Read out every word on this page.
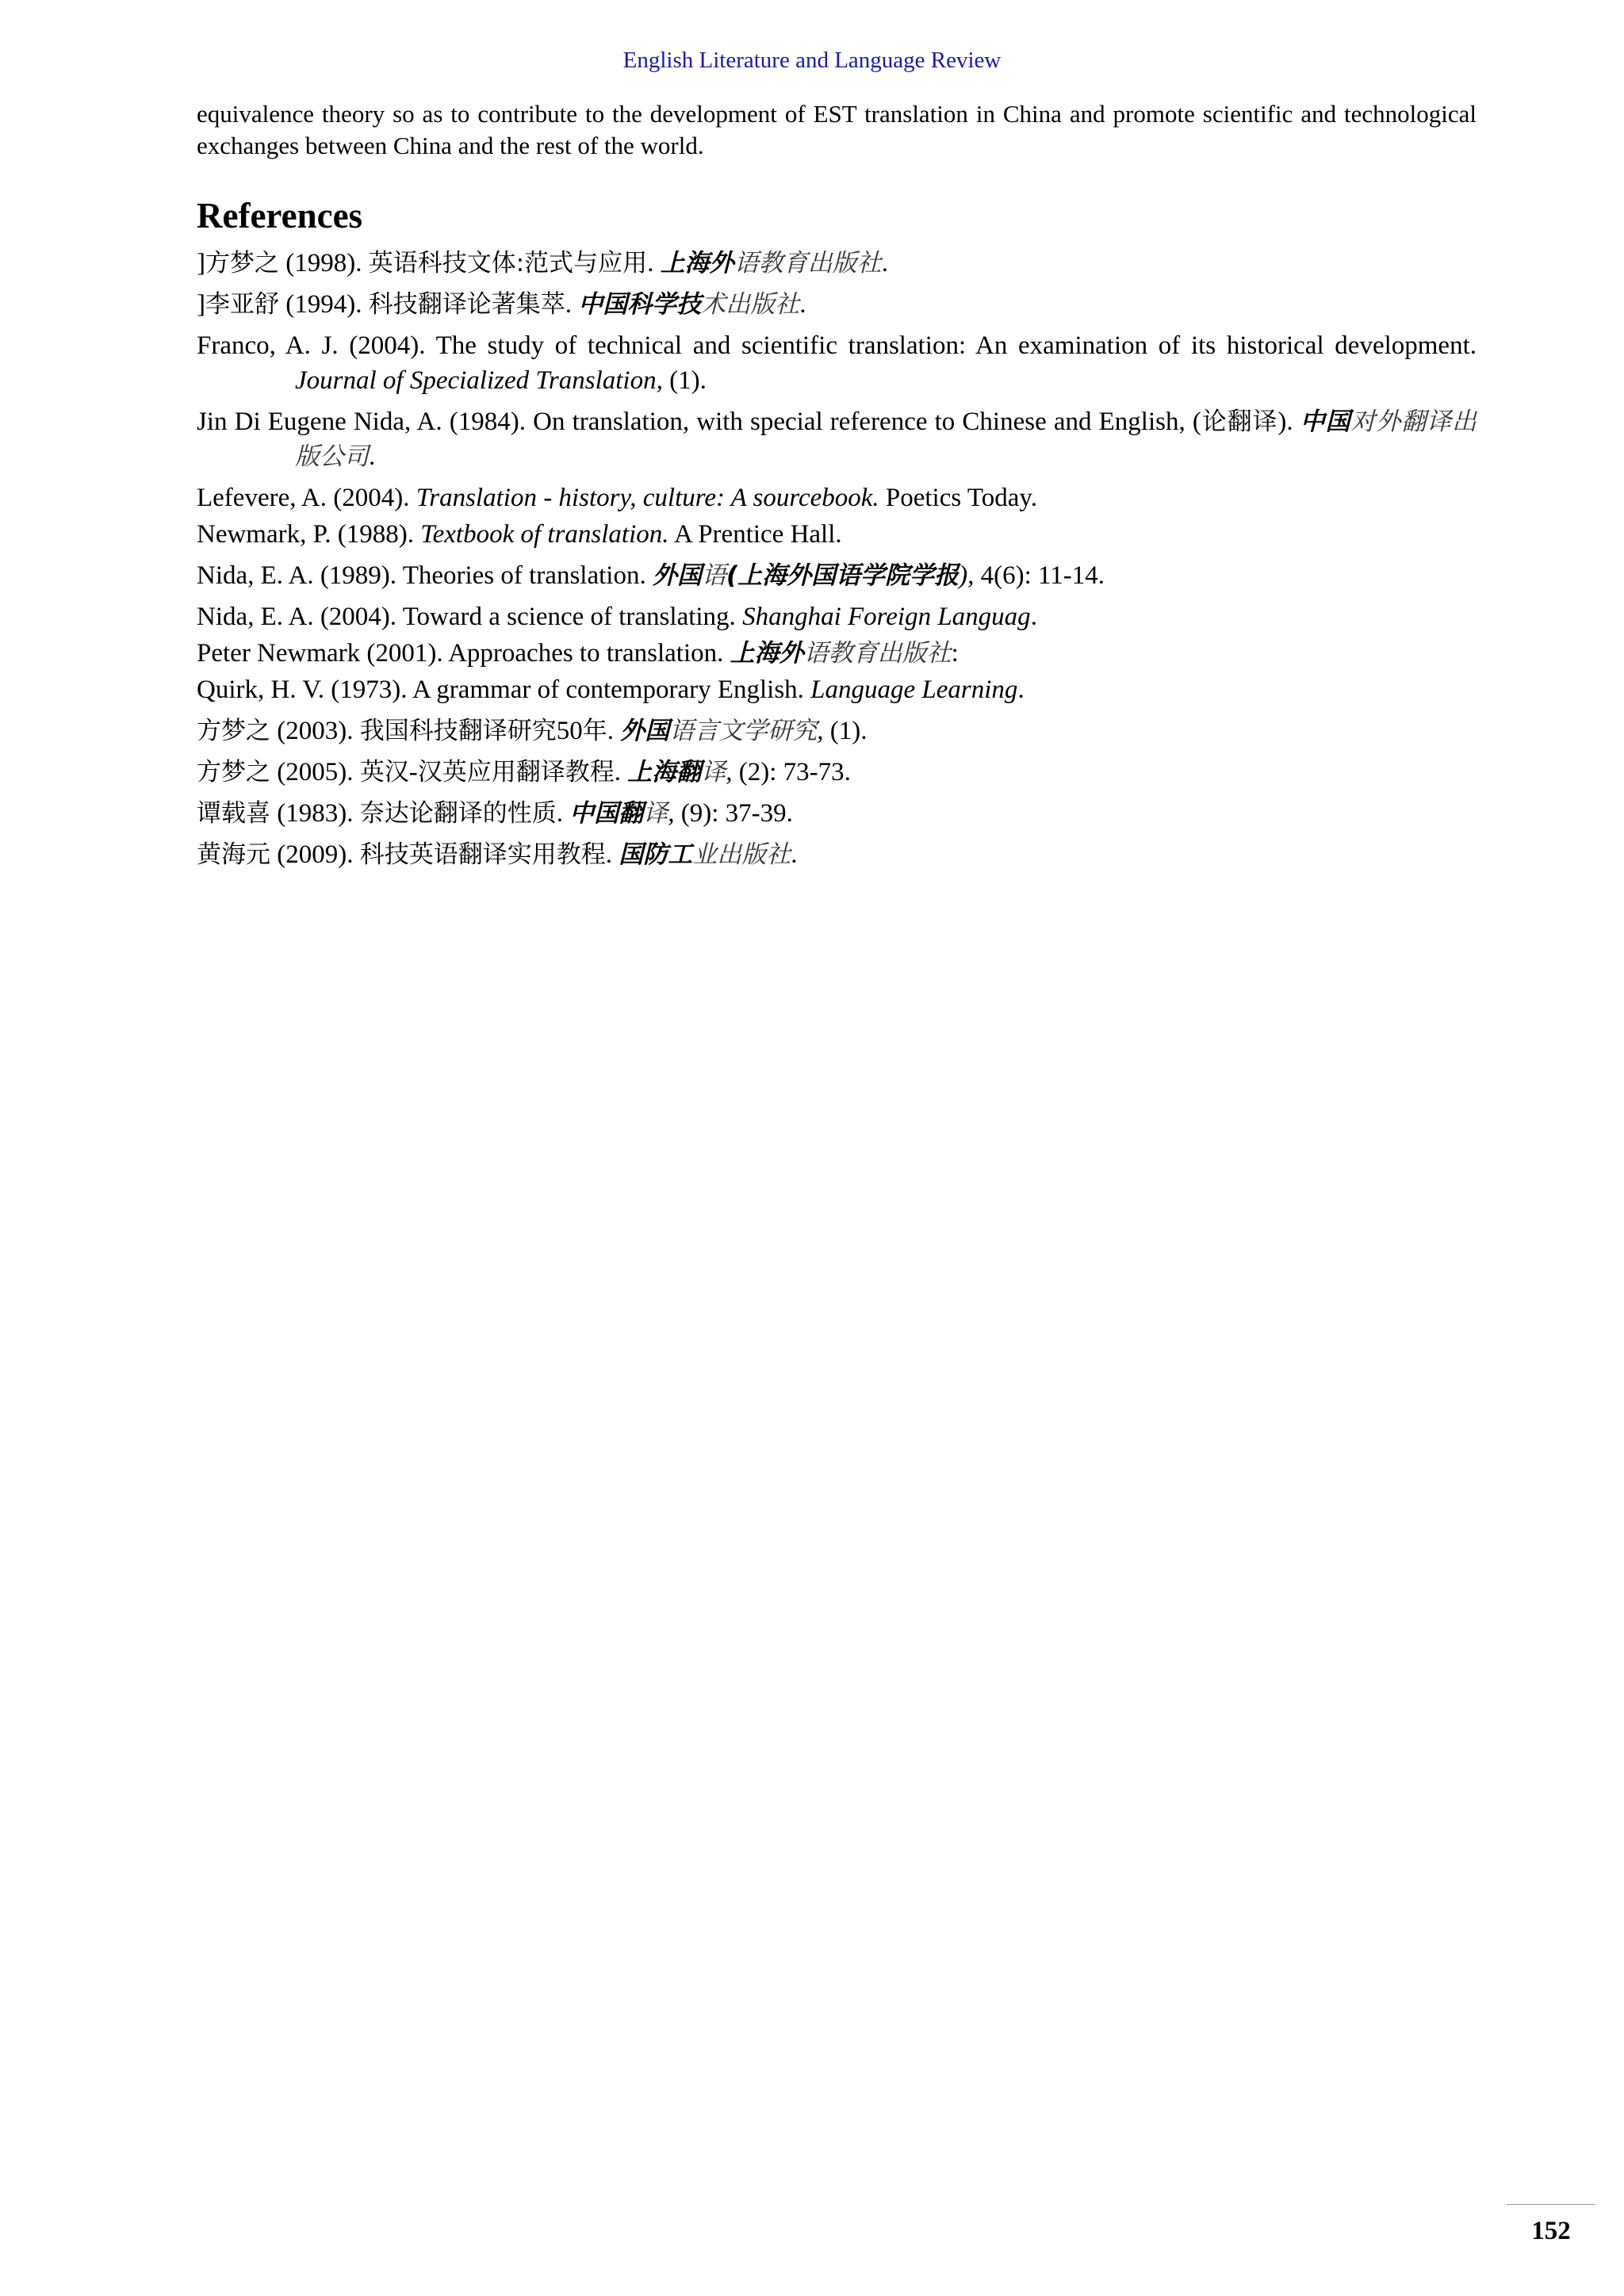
English Literature and Language Review

equivalence theory so as to contribute to the development of EST translation in China and promote scientific and technological exchanges between China and the rest of the world.

References
]方梦之 (1998). 英语科技文体:范式与应用. 上海外语教育出版社.
]李亚舒 (1994). 科技翻译论著集萃. 中国科学技术出版社.
Franco, A. J. (2004). The study of technical and scientific translation: An examination of its historical development. Journal of Specialized Translation, (1).
Jin Di Eugene Nida, A. (1984). On translation, with special reference to Chinese and English, (论翻译). 中国对外翻译出版公司.
Lefevere, A. (2004). Translation - history, culture: A sourcebook. Poetics Today.
Newmark, P. (1988). Textbook of translation. A Prentice Hall.
Nida, E. A. (1989). Theories of translation. 外国语(上海外国语学院学报), 4(6): 11-14.
Nida, E. A. (2004). Toward a science of translating. Shanghai Foreign Languag.
Peter Newmark (2001). Approaches to translation. 上海外语教育出版社:
Quirk, H. V. (1973). A grammar of contemporary English. Language Learning.
方梦之 (2003). 我国科技翻译研究50年. 外国语言文学研究, (1).
方梦之 (2005). 英汉-汉英应用翻译教程. 上海翻译, (2): 73-73.
谭载喜 (1983). 奈达论翻译的性质. 中国翻译, (9): 37-39.
黄海元 (2009). 科技英语翻译实用教程. 国防工业出版社.
152
